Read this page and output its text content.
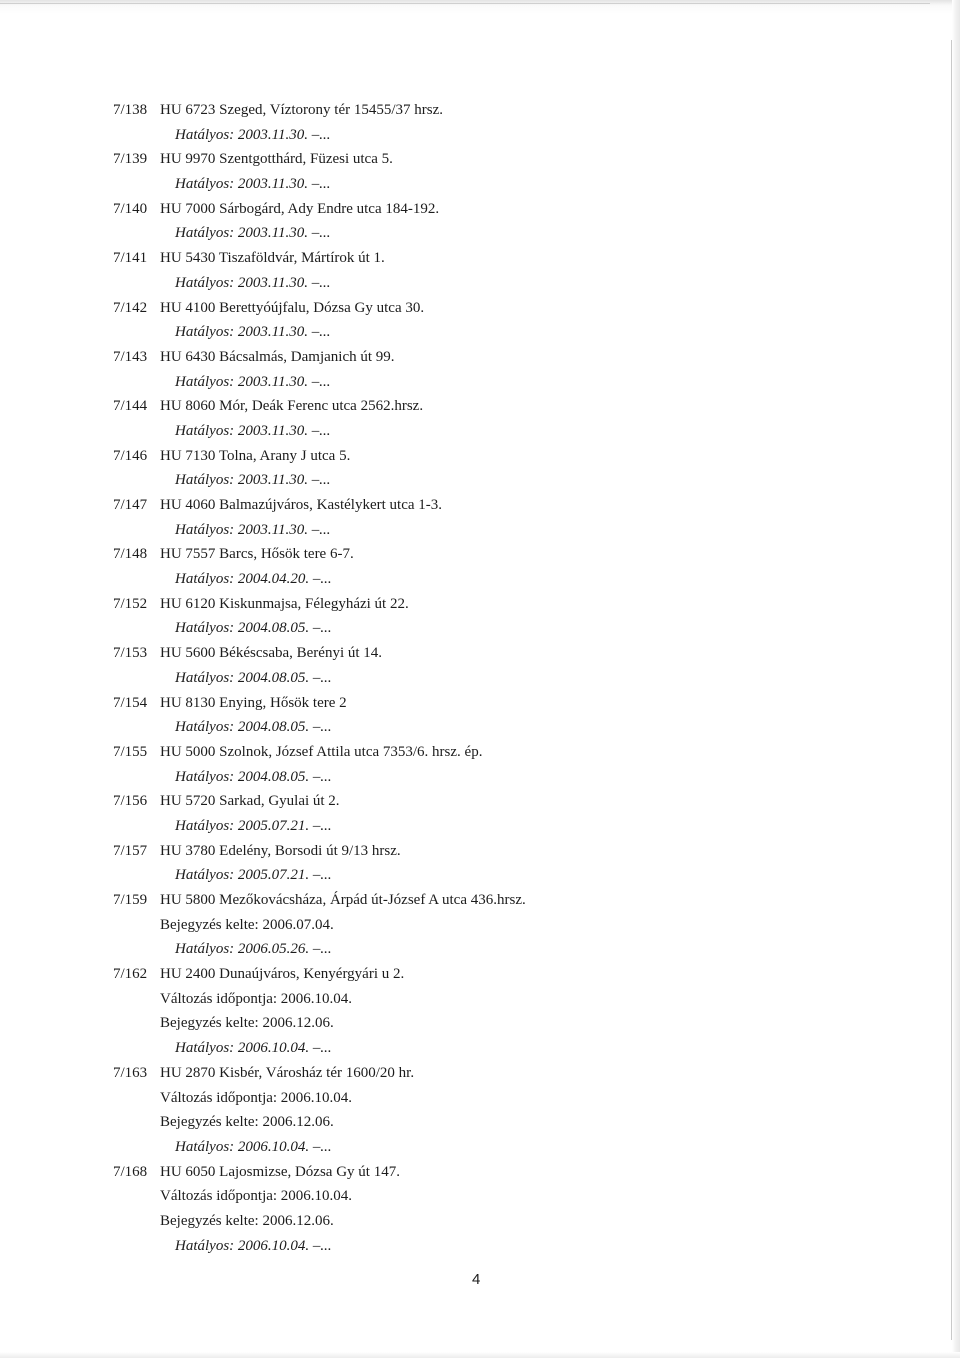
7/138 HU 6723 Szeged, Víztorony tér 15455/37 hrsz.
Hatályos: 2003.11.30. –...
7/139 HU 9970 Szentgotthárd, Füzesi utca 5.
Hatályos: 2003.11.30. –...
7/140 HU 7000 Sárbogárd, Ady Endre utca 184-192.
Hatályos: 2003.11.30. –...
7/141 HU 5430 Tiszaföldvár, Mártírok út 1.
Hatályos: 2003.11.30. –...
7/142 HU 4100 Berettyóújfalu, Dózsa Gy utca 30.
Hatályos: 2003.11.30. –...
7/143 HU 6430 Bácsalmás, Damjanich út 99.
Hatályos: 2003.11.30. –...
7/144 HU 8060 Mór, Deák Ferenc utca 2562.hrsz.
Hatályos: 2003.11.30. –...
7/146 HU 7130 Tolna, Arany J utca 5.
Hatályos: 2003.11.30. –...
7/147 HU 4060 Balmazújváros, Kastélykert utca 1-3.
Hatályos: 2003.11.30. –...
7/148 HU 7557 Barcs, Hősök tere 6-7.
Hatályos: 2004.04.20. –...
7/152 HU 6120 Kiskunmajsa, Félegyházi út 22.
Hatályos: 2004.08.05. –...
7/153 HU 5600 Békéscsaba, Berényi út 14.
Hatályos: 2004.08.05. –...
7/154 HU 8130 Enying, Hősök tere 2
Hatályos: 2004.08.05. –...
7/155 HU 5000 Szolnok, József Attila utca 7353/6. hrsz. ép.
Hatályos: 2004.08.05. –...
7/156 HU 5720 Sarkad, Gyulai út 2.
Hatályos: 2005.07.21. –...
7/157 HU 3780 Edelény, Borsodi út 9/13 hrsz.
Hatályos: 2005.07.21. –...
7/159 HU 5800 Mezőkovácsháza, Árpád út-József A utca 436.hrsz.
Bejegyzés kelte: 2006.07.04.
Hatályos: 2006.05.26. –...
7/162 HU 2400 Dunaújváros, Kenyérgyári u 2.
Változás időpontja: 2006.10.04.
Bejegyzés kelte: 2006.12.06.
Hatályos: 2006.10.04. –...
7/163 HU 2870 Kisbér, Városház tér 1600/20 hr.
Változás időpontja: 2006.10.04.
Bejegyzés kelte: 2006.12.06.
Hatályos: 2006.10.04. –...
7/168 HU 6050 Lajosmizse, Dózsa Gy út 147.
Változás időpontja: 2006.10.04.
Bejegyzés kelte: 2006.12.06.
Hatályos: 2006.10.04. –...
4
